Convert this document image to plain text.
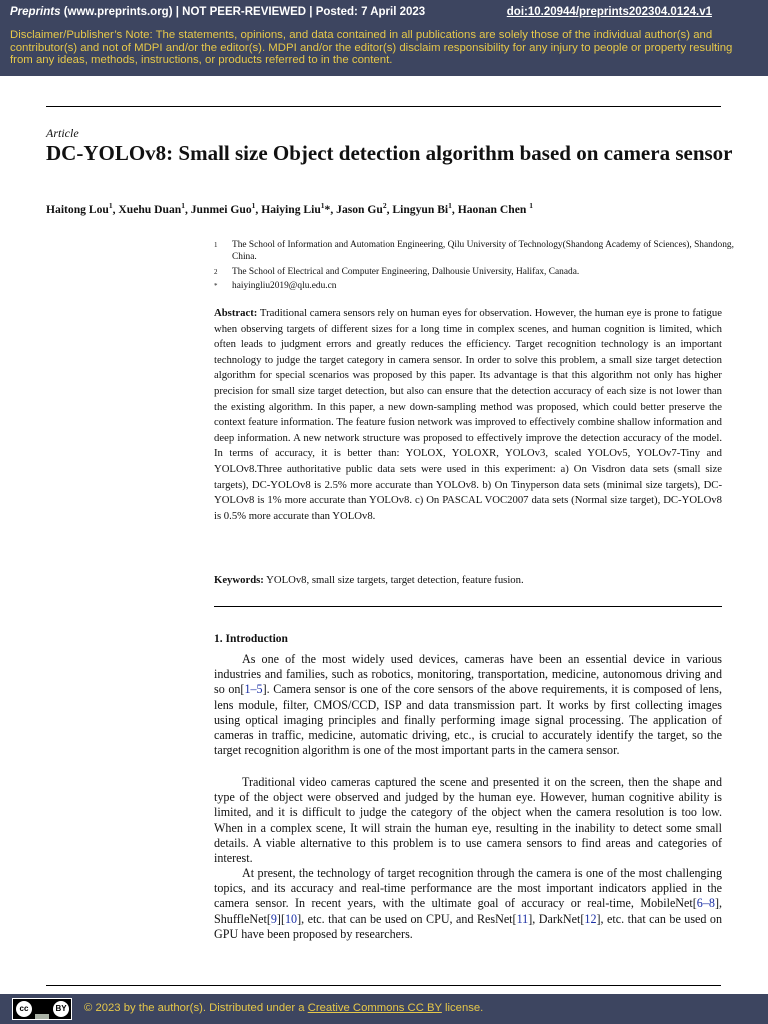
Preprints (www.preprints.org) | NOT PEER-REVIEWED | Posted: 7 April 2023	doi:10.20944/preprints202304.0124.v1
Disclaimer/Publisher’s Note: The statements, opinions, and data contained in all publications are solely those of the individual author(s) and contributor(s) and not of MDPI and/or the editor(s). MDPI and/or the editor(s) disclaim responsibility for any injury to people or property resulting from any ideas, methods, instructions, or products referred to in the content.
Article
DC-YOLOv8: Small size Object detection algorithm based on camera sensor
Haitong Lou$^1$, Xuehu Duan$^1$, Junmei Guo$^1$, Haiying Liu$^1$*, Jason Gu$^2$, Lingyun Bi$^1$, Haonan Chen $^1$
1 The School of Information and Automation Engineering, Qilu University of Technology(Shandong Academy of Sciences), Shandong, China.
2 The School of Electrical and Computer Engineering, Dalhousie University, Halifax, Canada.
* haiyingliu2019@qlu.edu.cn
Abstract: Traditional camera sensors rely on human eyes for observation. However, the human eye is prone to fatigue when observing targets of different sizes for a long time in complex scenes, and human cognition is limited, which often leads to judgment errors and greatly reduces the efficiency. Target recognition technology is an important technology to judge the target category in camera sensor. In order to solve this problem, a small size target detection algorithm for special scenarios was proposed by this paper. Its advantage is that this algorithm not only has higher precision for small size target detection, but also can ensure that the detection accuracy of each size is not lower than the existing algorithm. In this paper, a new down-sampling method was proposed, which could better preserve the context feature information. The feature fusion network was improved to effectively combine shallow information and deep information. A new network structure was proposed to effectively improve the detection accuracy of the model. In terms of accuracy, it is better than: YOLOX, YOLOXR, YOLOv3, scaled YOLOv5, YOLOv7-Tiny and YOLOv8.Three authoritative public data sets were used in this experiment: a) On Visdron data sets (small size targets), DC-YOLOv8 is 2.5% more accurate than YOLOv8. b) On Tinyperson data sets (minimal size targets), DC-YOLOv8 is 1% more accurate than YOLOv8. c) On PASCAL VOC2007 data sets (Normal size target), DC-YOLOv8 is 0.5% more accurate than YOLOv8.
Keywords: YOLOv8, small size targets, target detection, feature fusion.
1. Introduction

As one of the most widely used devices, cameras have been an essential device in various industries and families, such as robotics, monitoring, transportation, medicine, autonomous driving and so on[1–5]. Camera sensor is one of the core sensors of the above requirements, it is composed of lens, lens module, filter, CMOS/CCD, ISP and data transmission part. It works by first collecting images using optical imaging principles and finally performing image signal processing. The application of cameras in traffic, medicine, automatic driving, etc., is crucial to accurately identify the target, so the target recognition algorithm is one of the most important parts in the camera sensor.

Traditional video cameras captured the scene and presented it on the screen, then the shape and type of the object were observed and judged by the human eye. However, human cognitive ability is limited, and it is difficult to judge the category of the object when the camera resolution is too low. When in a complex scene, It will strain the human eye, resulting in the inability to detect some small details. A viable alternative to this problem is to use camera sensors to find areas and categories of interest.

At present, the technology of target recognition through the camera is one of the most challenging topics, and its accuracy and real-time performance are the most important indicators applied in the camera sensor. In recent years, with the ultimate goal of accuracy or real-time, MobileNet[6–8], ShuffleNet[9][10], etc. that can be used on CPU, and ResNet[11], DarkNet[12], etc. that can be used on GPU have been proposed by researchers.

cc	BY © 2023 by the author(s). Distributed under a Creative Commons CC BY license.
